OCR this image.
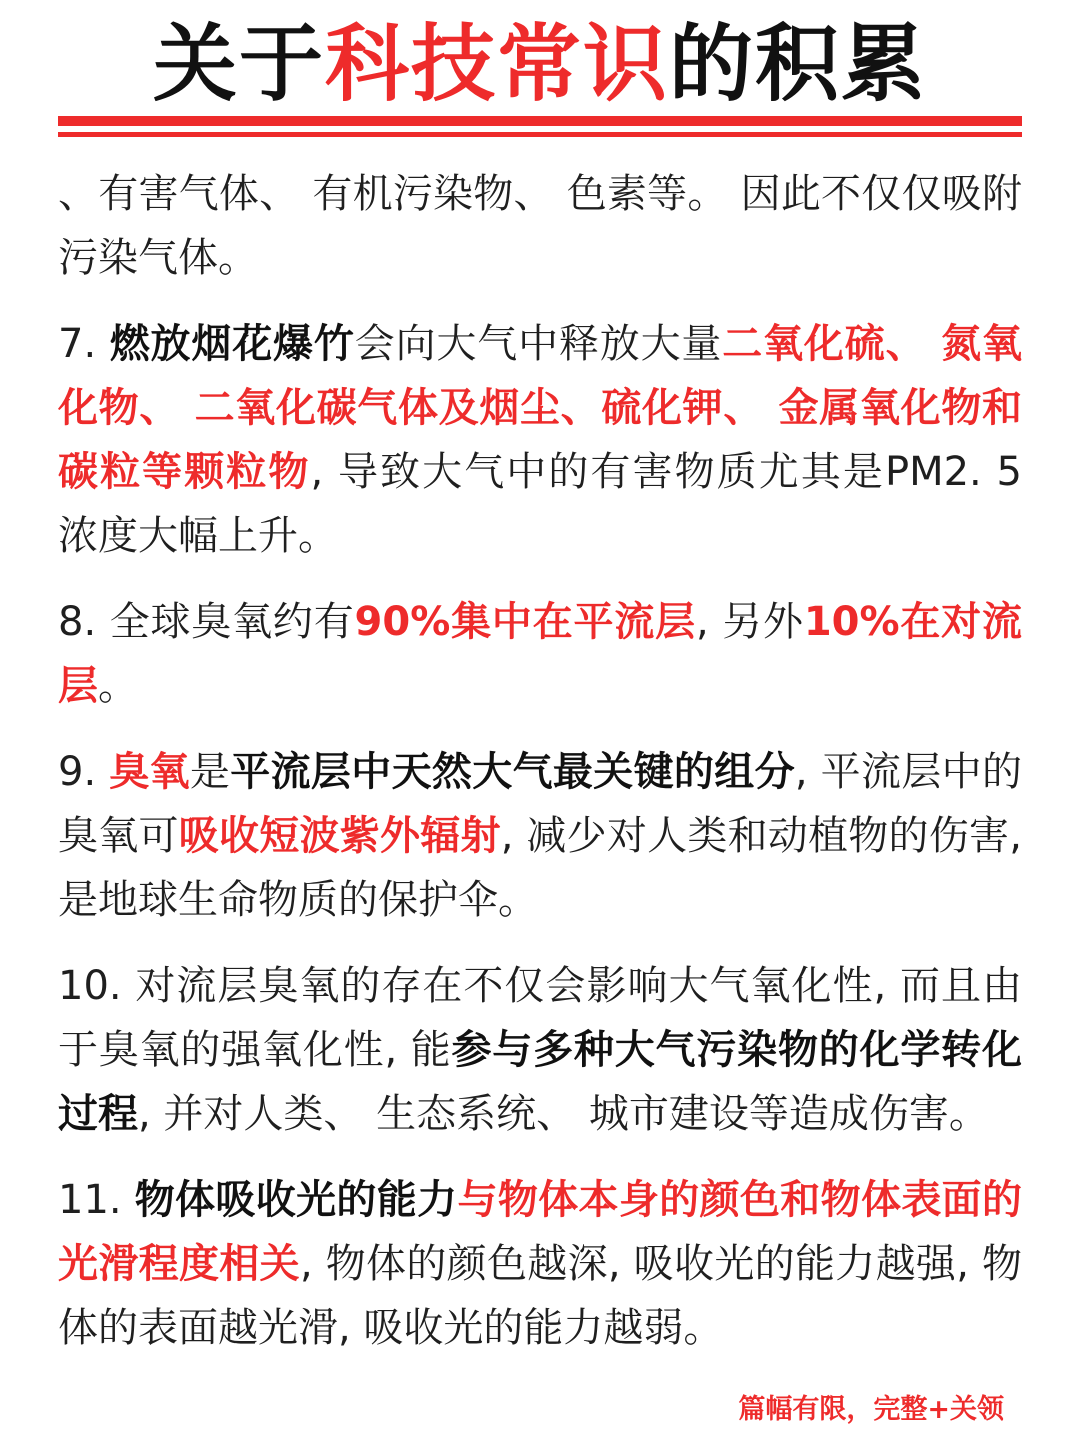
关于科技常识的积累

、有害气体、 有机污染物、 色素等。 因此不仅仅吸附污染气体。

7. 燃放烟花爆竹会向大气中释放大量二氧化硫、 氮氧化物、 二氧化碳气体及烟尘、硫化钾、 金属氧化物和碳粒等颗粒物, 导致大气中的有害物质尤其是PM2. 5 浓度大幅上升。

8. 全球臭氧约有90%集中在平流层, 另外10%在对流层。

9. 臭氧是平流层中天然大气最关键的组分, 平流层中的臭氧可吸收短波紫外辐射, 减少对人类和动植物的伤害, 是地球生命物质的保护伞。

10. 对流层臭氧的存在不仅会影响大气氧化性, 而且由于臭氧的强氧化性, 能参与多种大气污染物的化学转化过程, 并对人类、 生态系统、 城市建设等造成伤害。

11. 物体吸收光的能力与物体本身的颜色和物体表面的光滑程度相关, 物体的颜色越深, 吸收光的能力越强, 物体的表面越光滑, 吸收光的能力越弱。

篇幅有限，完整+关领
